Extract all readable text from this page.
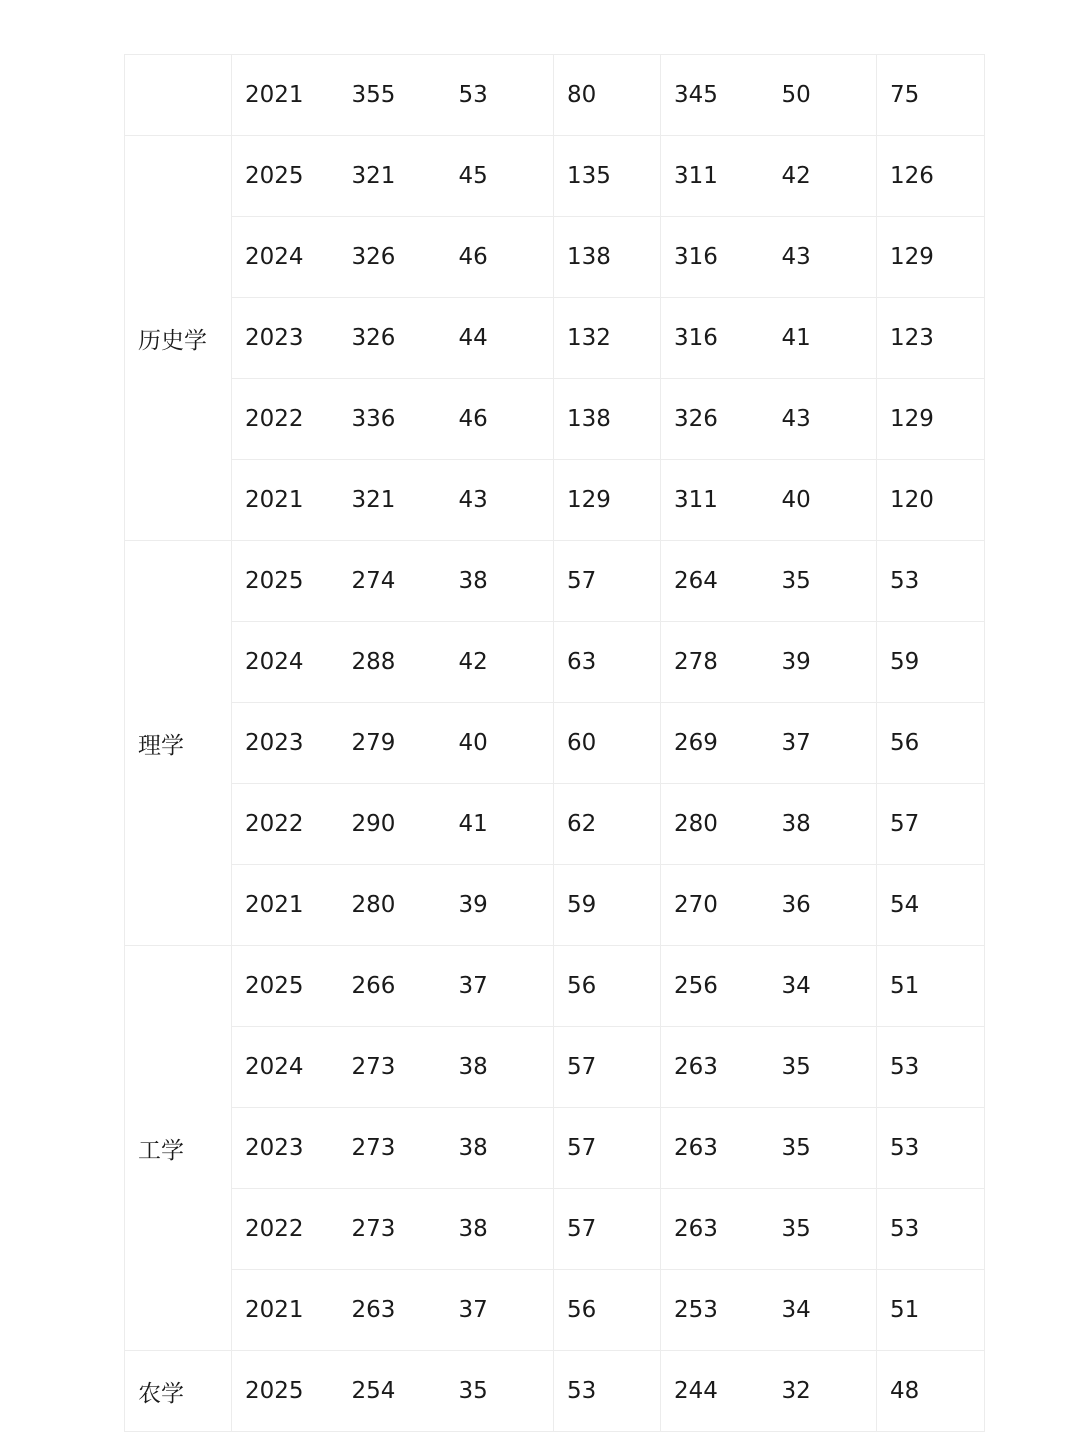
	2021	355	53	80	345	50	75
历史学	2025	321	45	135	311	42	126
	2024	326	46	138	316	43	129
	2023	326	44	132	316	41	123
	2022	336	46	138	326	43	129
	2021	321	43	129	311	40	120
理学	2025	274	38	57	264	35	53
	2024	288	42	63	278	39	59
	2023	279	40	60	269	37	56
	2022	290	41	62	280	38	57
	2021	280	39	59	270	36	54
工学	2025	266	37	56	256	34	51
	2024	273	38	57	263	35	53
	2023	273	38	57	263	35	53
	2022	273	38	57	263	35	53
	2021	263	37	56	253	34	51
农学	2025	254	35	53	244	32	48
